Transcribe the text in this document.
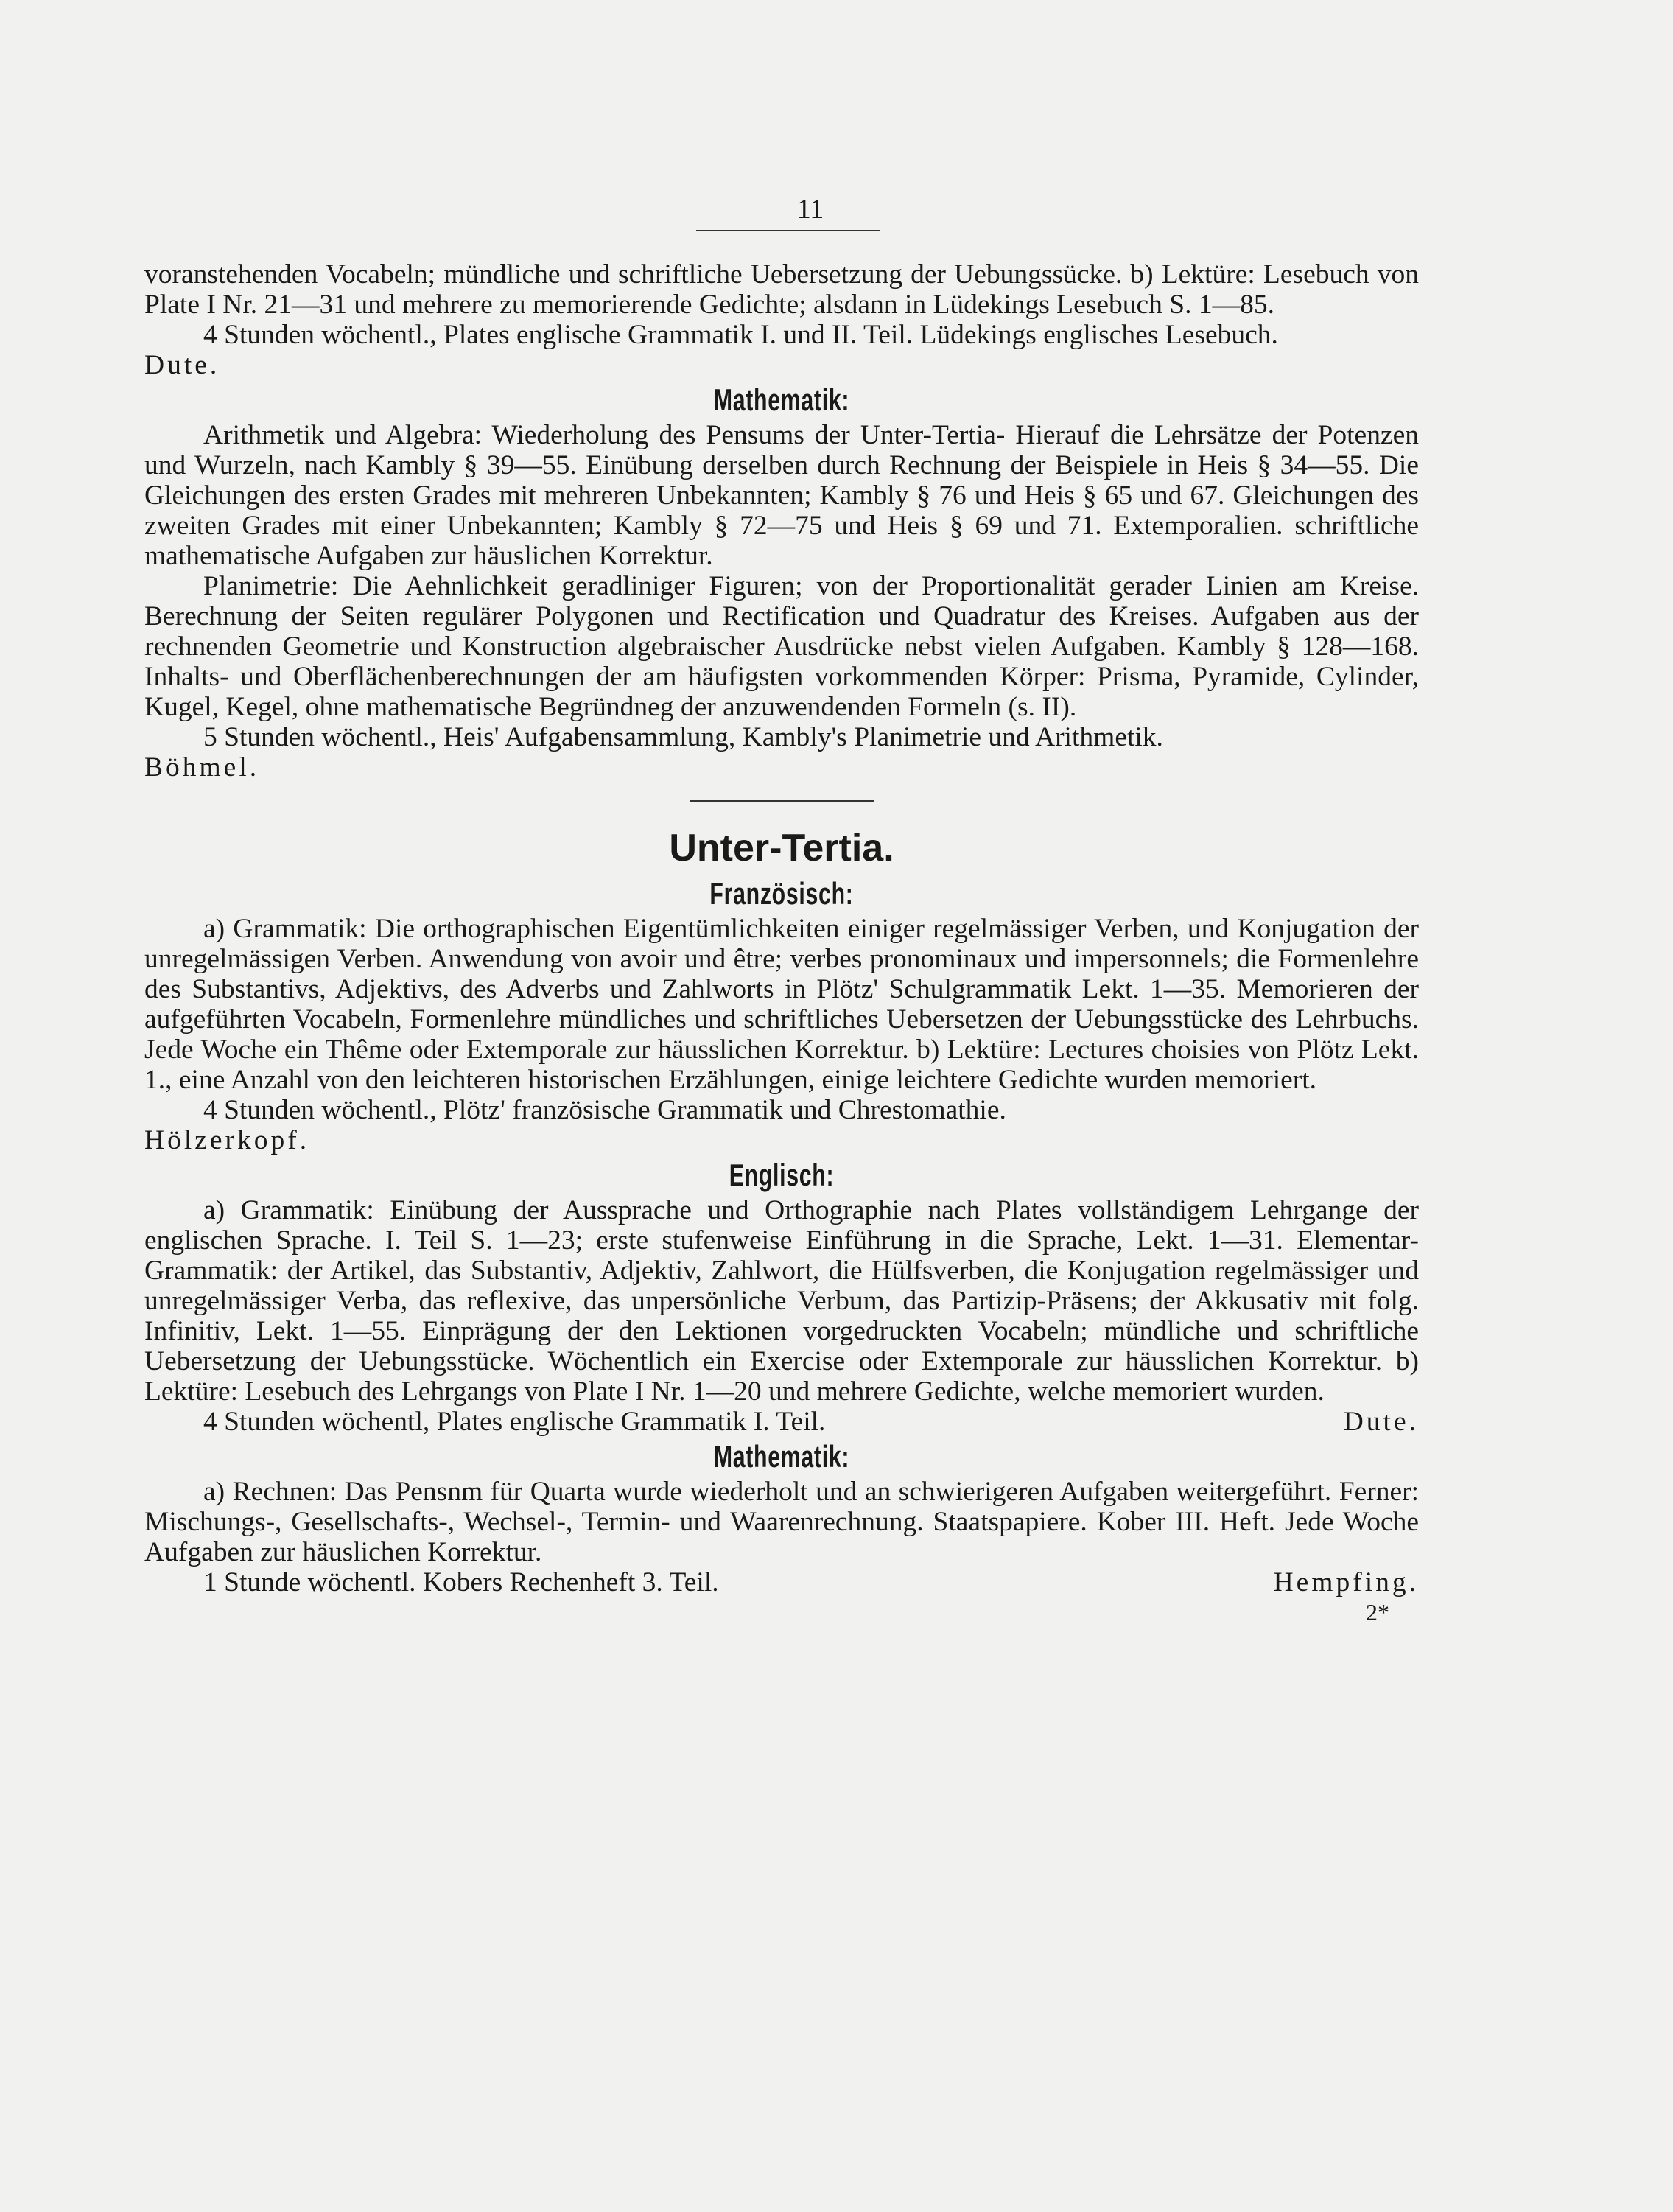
11

voranstehenden Vocabeln; mündliche und schriftliche Uebersetzung der Uebungssücke. b) Lektüre: Lesebuch von Plate I Nr. 21—31 und mehrere zu memorierende Gedichte; alsdann in Lüdekings Lesebuch S. 1—85.

4 Stunden wöchentl., Plates englische Grammatik I. und II. Teil. Lüdekings englisches Lesebuch.

Dute.

Mathematik:

Arithmetik und Algebra: Wiederholung des Pensums der Unter-Tertia- Hierauf die Lehrsätze der Potenzen und Wurzeln, nach Kambly § 39—55. Einübung derselben durch Rechnung der Beispiele in Heis § 34—55. Die Gleichungen des ersten Grades mit mehreren Unbekannten; Kambly § 76 und Heis § 65 und 67. Gleichungen des zweiten Grades mit einer Unbekannten; Kambly § 72—75 und Heis § 69 und 71. Extemporalien. schriftliche mathematische Aufgaben zur häuslichen Korrektur.

Planimetrie: Die Aehnlichkeit geradliniger Figuren; von der Proportionalität gerader Linien am Kreise. Berechnung der Seiten regulärer Polygonen und Rectification und Quadratur des Kreises. Aufgaben aus der rechnenden Geometrie und Konstruction algebraischer Ausdrücke nebst vielen Aufgaben. Kambly § 128—168. Inhalts- und Oberflächenberechnungen der am häufigsten vorkommenden Körper: Prisma, Pyramide, Cylinder, Kugel, Kegel, ohne mathematische Begründneg der anzuwendenden Formeln (s. II).

5 Stunden wöchentl., Heis' Aufgabensammlung, Kambly's Planimetrie und Arithmetik.

Böhmel.

Unter-Tertia.
Französisch:

a) Grammatik: Die orthographischen Eigentümlichkeiten einiger regelmässiger Verben, und Konjugation der unregelmässigen Verben. Anwendung von avoir und être; verbes pronominaux und impersonnels; die Formenlehre des Substantivs, Adjektivs, des Adverbs und Zahlworts in Plötz' Schulgrammatik Lekt. 1—35. Memorieren der aufgeführten Vocabeln, Formenlehre mündliches und schriftliches Uebersetzen der Uebungsstücke des Lehrbuchs. Jede Woche ein Thême oder Extemporale zur häusslichen Korrektur. b) Lektüre: Lectures choisies von Plötz Lekt. 1., eine Anzahl von den leichteren historischen Erzählungen, einige leichtere Gedichte wurden memoriert.

4 Stunden wöchentl., Plötz' französische Grammatik und Chrestomathie.

Hölzerkopf.

Englisch:

a) Grammatik: Einübung der Aussprache und Orthographie nach Plates vollständigem Lehrgange der englischen Sprache. I. Teil S. 1—23; erste stufenweise Einführung in die Sprache, Lekt. 1—31. Elementar-Grammatik: der Artikel, das Substantiv, Adjektiv, Zahlwort, die Hülfsverben, die Konjugation regelmässiger und unregelmässiger Verba, das reflexive, das unpersönliche Verbum, das Partizip-Präsens; der Akkusativ mit folg. Infinitiv, Lekt. 1—55. Einprägung der den Lektionen vorgedruckten Vocabeln; mündliche und schriftliche Uebersetzung der Uebungsstücke. Wöchentlich ein Exercise oder Extemporale zur häusslichen Korrektur. b) Lektüre: Lesebuch des Lehrgangs von Plate I Nr. 1—20 und mehrere Gedichte, welche memoriert wurden.

4 Stunden wöchentl, Plates englische Grammatik I. Teil.	Dute.
Mathematik:

a) Rechnen: Das Pensnm für Quarta wurde wiederholt und an schwierigeren Aufgaben weitergeführt. Ferner: Mischungs-, Gesellschafts-, Wechsel-, Termin- und Waarenrechnung. Staatspapiere. Kober III. Heft. Jede Woche Aufgaben zur häuslichen Korrektur.

1 Stunde wöchentl. Kobers Rechenheft 3. Teil.	Hempfing.
2*
